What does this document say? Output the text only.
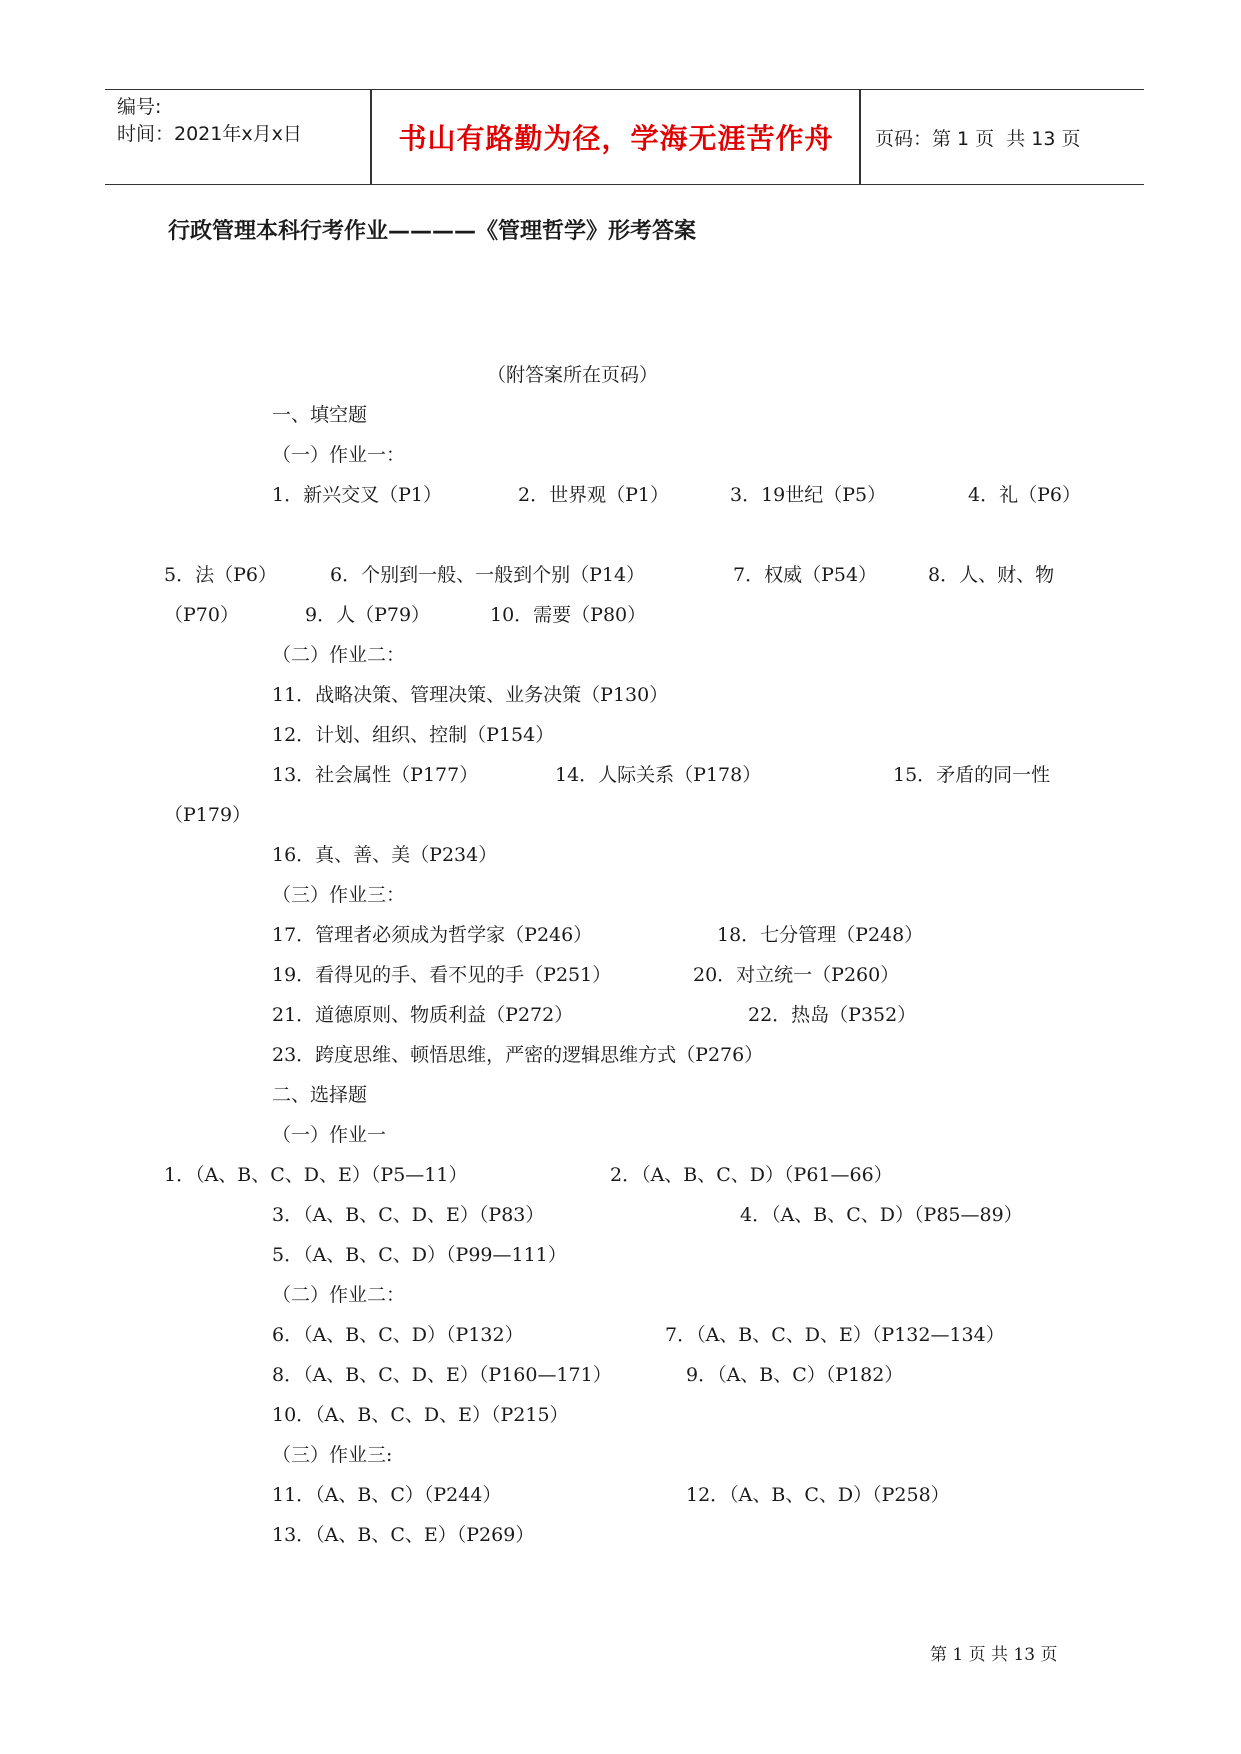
编号:
时间：2021年x月x日	书山有路勤为径，学海无涯苦作舟	页码：第 1 页  共 13 页
行政管理本科行考作业————《管理哲学》形考答案
（附答案所在页码）
一、填空题
（一）作业一：
1．新兴交叉（P1）	2．世界观（P1）	3．19世纪（P5）	4．礼（P6）
5．法（P6）	6．个别到一般、一般到个别（P14）	7．权威（P54）	8．人、财、物
（P70）	9．人（P79）	10．需要（P80）
（二）作业二：
11．战略决策、管理决策、业务决策（P130）
12．计划、组织、控制（P154）
13．社会属性（P177）	14．人际关系（P178）	15．矛盾的同一性
（P179）
16．真、善、美（P234）
（三）作业三：
17．管理者必须成为哲学家（P246）	18．七分管理（P248）
19．看得见的手、看不见的手（P251）	20．对立统一（P260）
21．道德原则、物质利益（P272）	22．热岛（P352）
23．跨度思维、顿悟思维，严密的逻辑思维方式（P276）
二、选择题
（一）作业一
1．（A、B、C、D、E）（P5—11）	2．（A、B、C、D）（P61—66）
3．（A、B、C、D、E）（P83）	4．（A、B、C、D）（P85—89）
5．（A、B、C、D）（P99—111）
（二）作业二：
6．（A、B、C、D）（P132）	7．（A、B、C、D、E）（P132—134）
8．（A、B、C、D、E）（P160—171）	9．（A、B、C）（P182）
10．（A、B、C、D、E）（P215）
（三）作业三:
11．（A、B、C）（P244）	12．（A、B、C、D）（P258）
13．（A、B、C、E）（P269）
第 1 页 共 13 页
